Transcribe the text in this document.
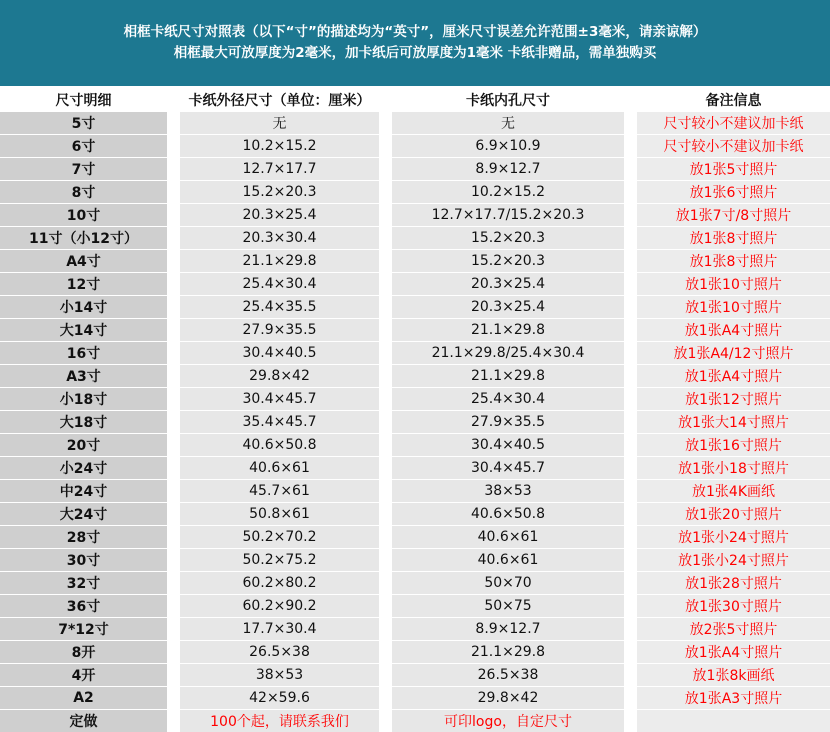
相框卡纸尺寸对照表（以下“寸”的描述均为“英寸”，厘米尺寸误差允许范围±3毫米，请亲谅解）
相框最大可放厚度为2毫米，加卡纸后可放厚度为1毫米 卡纸非赠品，需单独购买
尺寸明细	卡纸外径尺寸（单位：厘米）	卡纸内孔尺寸	备注信息
5寸	无	无	尺寸较小不建议加卡纸
6寸	10.2×15.2	6.9×10.9	尺寸较小不建议加卡纸
7寸	12.7×17.7	8.9×12.7	放1张5寸照片
8寸	15.2×20.3	10.2×15.2	放1张6寸照片
10寸	20.3×25.4	12.7×17.7/15.2×20.3	放1张7寸/8寸照片
11寸（小12寸）	20.3×30.4	15.2×20.3	放1张8寸照片
A4寸	21.1×29.8	15.2×20.3	放1张8寸照片
12寸	25.4×30.4	20.3×25.4	放1张10寸照片
小14寸	25.4×35.5	20.3×25.4	放1张10寸照片
大14寸	27.9×35.5	21.1×29.8	放1张A4寸照片
16寸	30.4×40.5	21.1×29.8/25.4×30.4	放1张A4/12寸照片
A3寸	29.8×42	21.1×29.8	放1张A4寸照片
小18寸	30.4×45.7	25.4×30.4	放1张12寸照片
大18寸	35.4×45.7	27.9×35.5	放1张大14寸照片
20寸	40.6×50.8	30.4×40.5	放1张16寸照片
小24寸	40.6×61	30.4×45.7	放1张小18寸照片
中24寸	45.7×61	38×53	放1张4K画纸
大24寸	50.8×61	40.6×50.8	放1张20寸照片
28寸	50.2×70.2	40.6×61	放1张小24寸照片
30寸	50.2×75.2	40.6×61	放1张小24寸照片
32寸	60.2×80.2	50×70	放1张28寸照片
36寸	60.2×90.2	50×75	放1张30寸照片
7*12寸	17.7×30.4	8.9×12.7	放2张5寸照片
8开	26.5×38	21.1×29.8	放1张A4寸照片
4开	38×53	26.5×38	放1张8k画纸
A2	42×59.6	29.8×42	放1张A3寸照片
定做	100个起，请联系我们	可印logo，自定尺寸
